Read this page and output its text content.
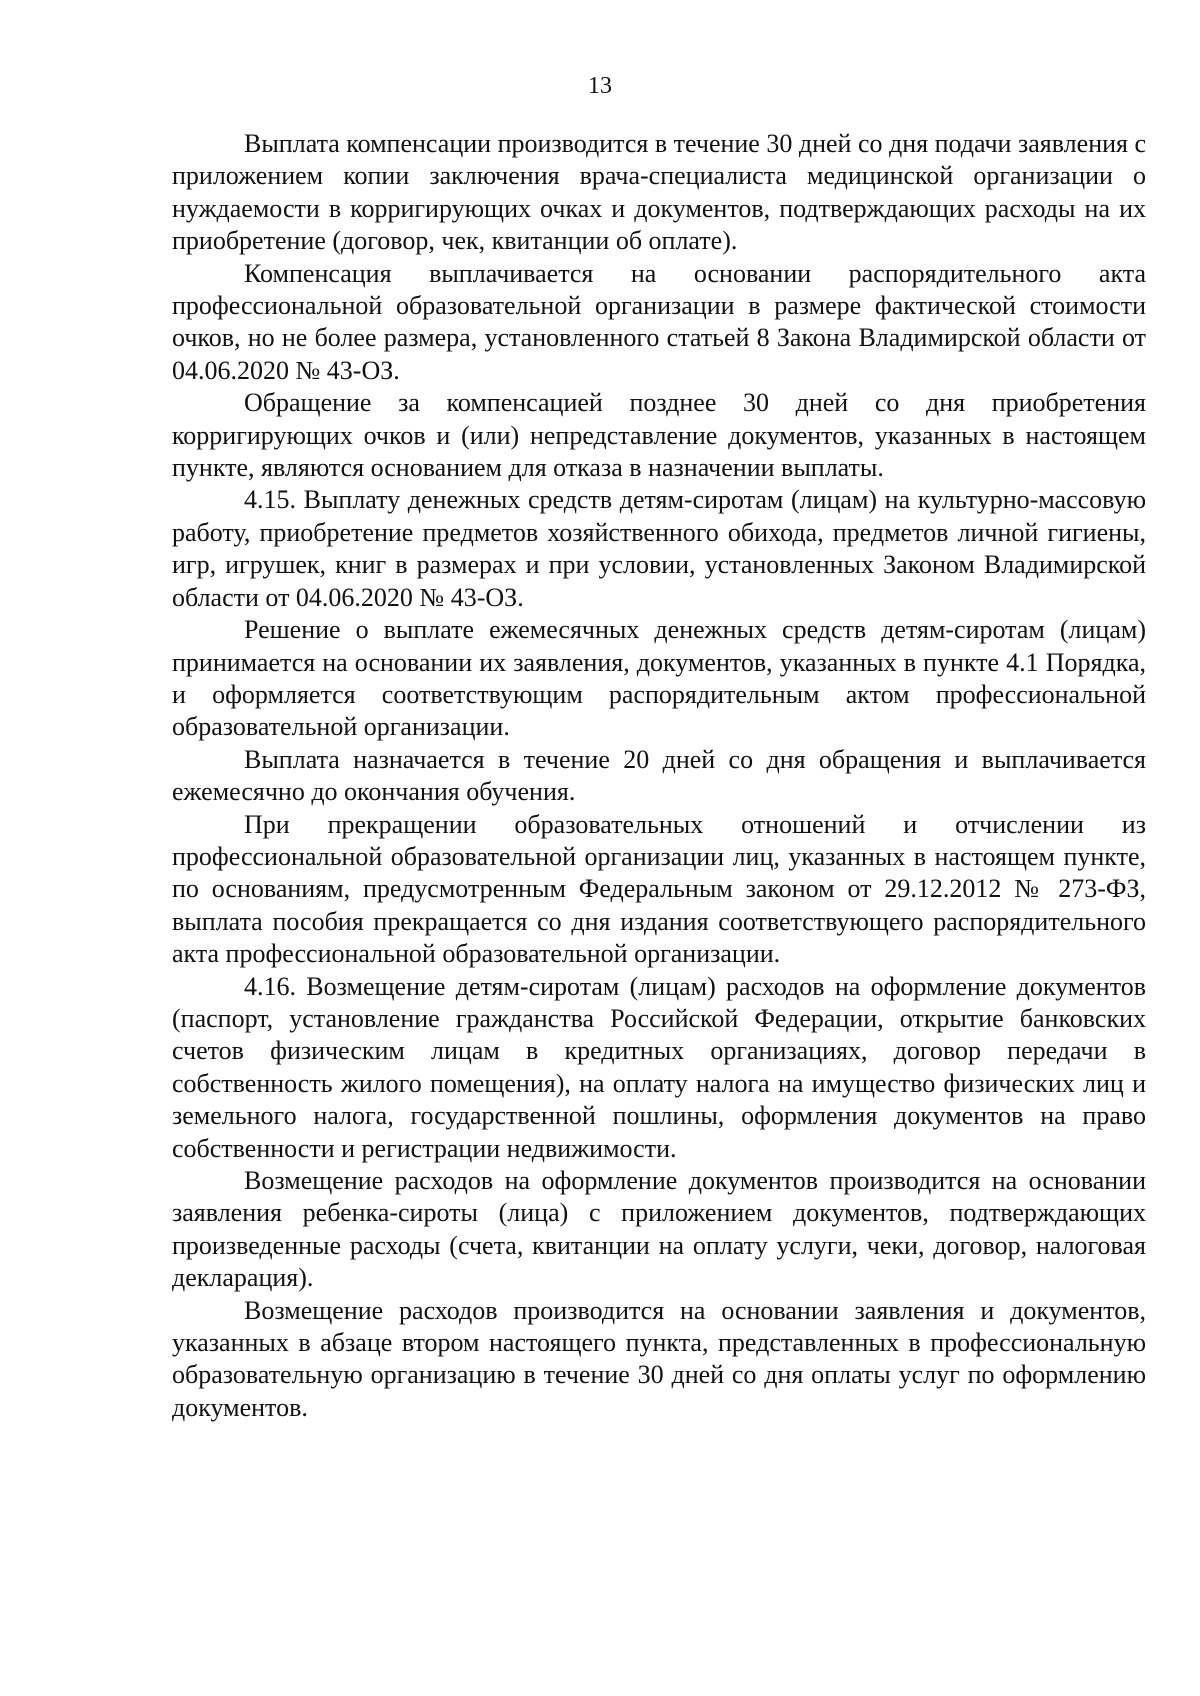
13

Выплата компенсации производится в течение 30 дней со дня подачи заявления с приложением копии заключения врача-специалиста медицинской организации о нуждаемости в корригирующих очках и документов, подтверждающих расходы на их приобретение (договор, чек, квитанции об оплате).

Компенсация выплачивается на основании распорядительного акта профессиональной образовательной организации в размере фактической стоимости очков, но не более размера, установленного статьей 8 Закона Владимирской области от 04.06.2020 № 43-ОЗ.

Обращение за компенсацией позднее 30 дней со дня приобретения корригирующих очков и (или) непредставление документов, указанных в настоящем пункте, являются основанием для отказа в назначении выплаты.

4.15. Выплату денежных средств детям-сиротам (лицам) на культурно-массовую работу, приобретение предметов хозяйственного обихода, предметов личной гигиены, игр, игрушек, книг в размерах и при условии, установленных Законом Владимирской области от 04.06.2020 № 43-ОЗ.

Решение о выплате ежемесячных денежных средств детям-сиротам (лицам) принимается на основании их заявления, документов, указанных в пункте 4.1 Порядка, и оформляется соответствующим распорядительным актом профессиональной образовательной организации.

Выплата назначается в течение 20 дней со дня обращения и выплачивается ежемесячно до окончания обучения.

При прекращении образовательных отношений и отчислении из профессиональной образовательной организации лиц, указанных в настоящем пункте, по основаниям, предусмотренным Федеральным законом от 29.12.2012 № 273-ФЗ, выплата пособия прекращается со дня издания соответствующего распорядительного акта профессиональной образовательной организации.

4.16. Возмещение детям-сиротам (лицам) расходов на оформление документов (паспорт, установление гражданства Российской Федерации, открытие банковских счетов физическим лицам в кредитных организациях, договор передачи в собственность жилого помещения), на оплату налога на имущество физических лиц и земельного налога, государственной пошлины, оформления документов на право собственности и регистрации недвижимости.

Возмещение расходов на оформление документов производится на основании заявления ребенка-сироты (лица) с приложением документов, подтверждающих произведенные расходы (счета, квитанции на оплату услуги, чеки, договор, налоговая декларация).

Возмещение расходов производится на основании заявления и документов, указанных в абзаце втором настоящего пункта, представленных в профессиональную образовательную организацию в течение 30 дней со дня оплаты услуг по оформлению документов.
